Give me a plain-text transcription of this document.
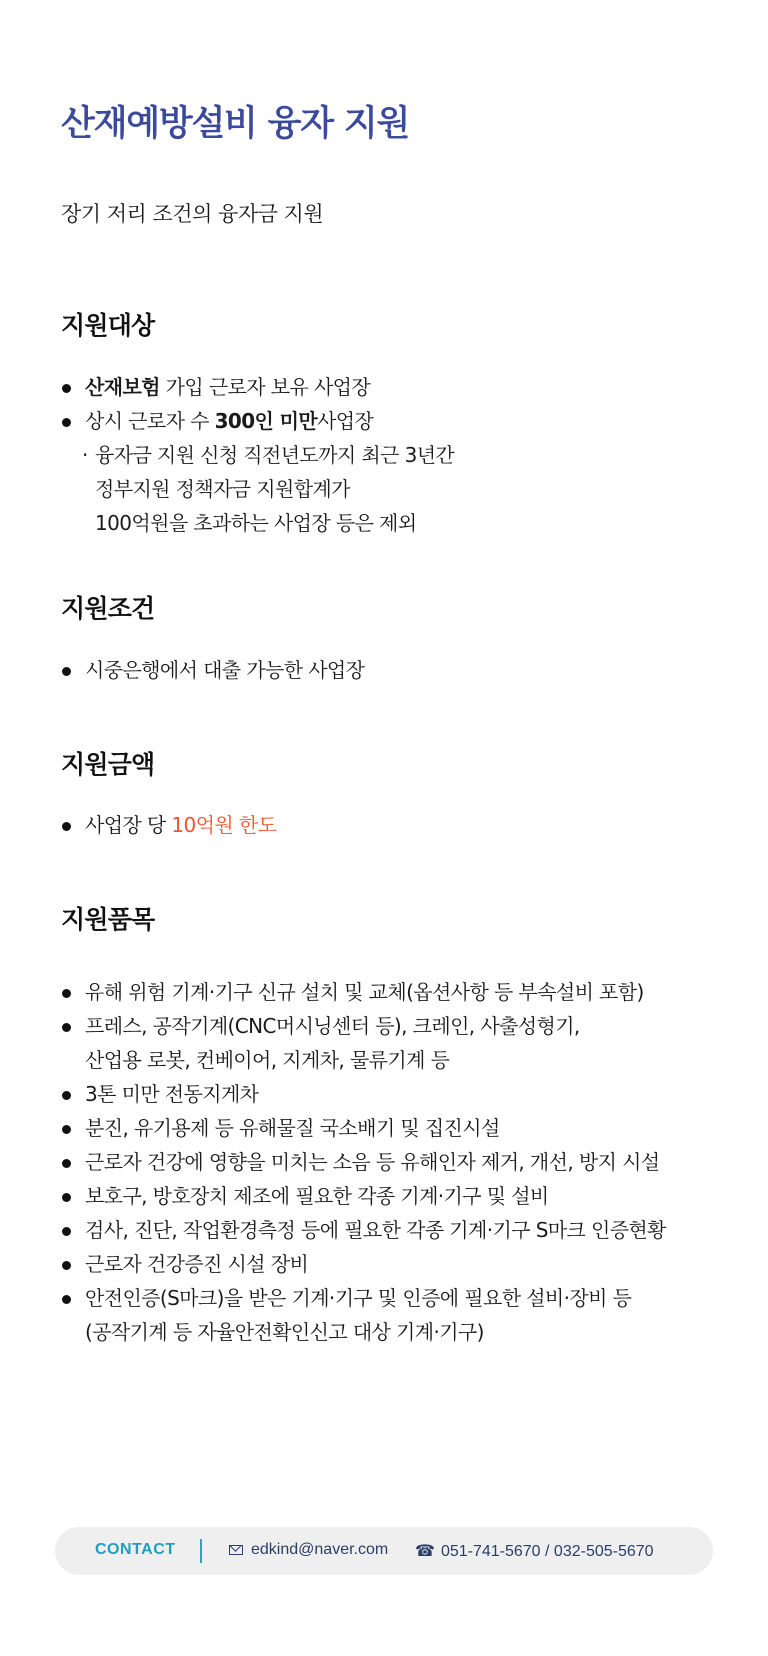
산재예방설비 융자 지원

장기 저리 조건의 융자금 지원

지원대상
산재보험 가입 근로자 보유 사업장
상시 근로자 수 300인 미만사업장
· 융자금 지원 신청 직전년도까지 최근 3년간
정부지원 정책자금 지원합계가
100억원을 초과하는 사업장 등은 제외
지원조건
시중은행에서 대출 가능한 사업장
지원금액
사업장 당 10억원 한도
지원품목
유해 위험 기계·기구 신규 설치 및 교체(옵션사항 등 부속설비 포함)
프레스, 공작기계(CNC머시닝센터 등), 크레인, 사출성형기,
산업용 로봇, 컨베이어, 지게차, 물류기계 등
3톤 미만 전동지게차
분진, 유기용제 등 유해물질 국소배기 및 집진시설
근로자 건강에 영향을 미치는 소음 등 유해인자 제거, 개선, 방지 시설
보호구, 방호장치 제조에 필요한 각종 기계·기구 및 설비
검사, 진단, 작업환경측정 등에 필요한 각종 기계·기구 S마크 인증현황
근로자 건강증진 시설 장비
안전인증(S마크)을 받은 기계·기구 및 인증에 필요한 설비·장비 등
(공작기계 등 자율안전확인신고 대상 기계·기구)
CONTACT	edkind@naver.com ☎ 051-741-5670 / 032-505-5670
